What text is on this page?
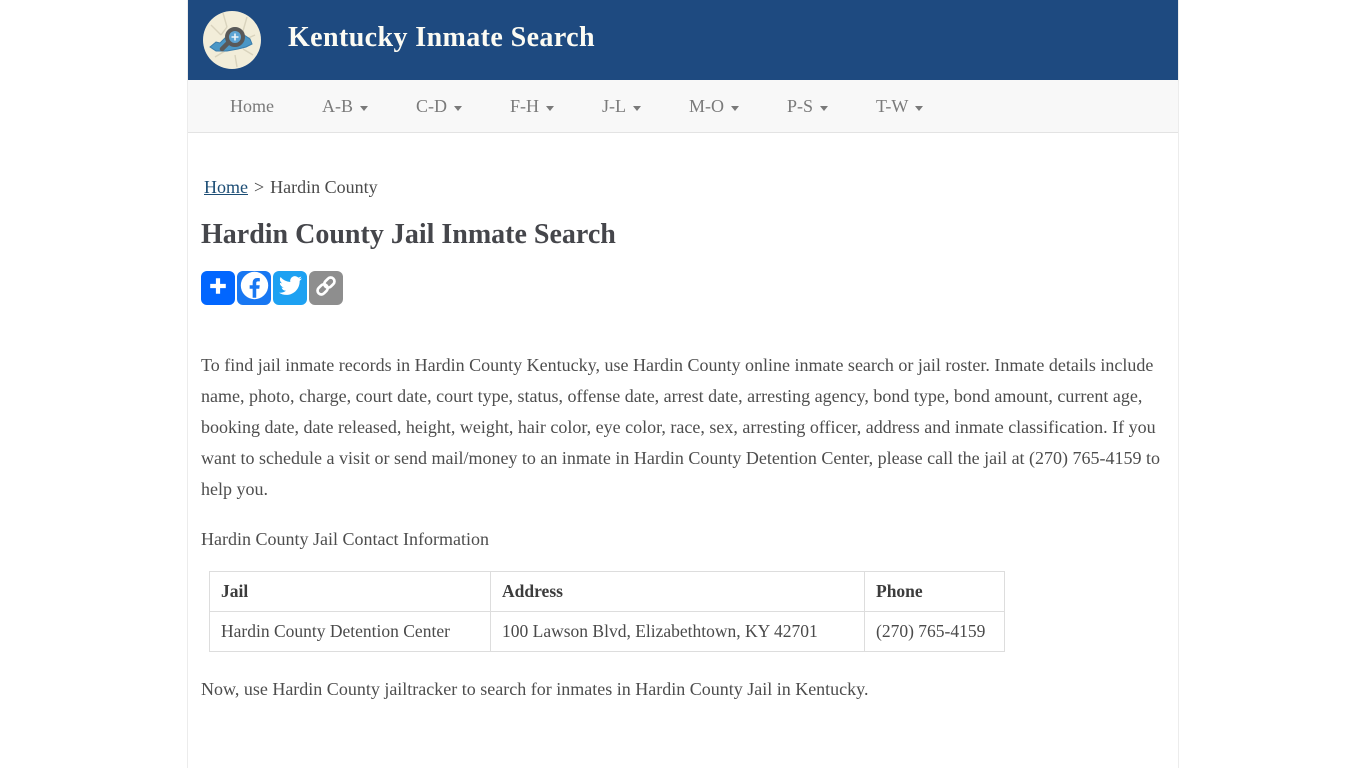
Kentucky Inmate Search
Home	A-B	C-D	F-H	J-L	M-O	P-S	T-W
Home > Hardin County
Hardin County Jail Inmate Search

To find jail inmate records in Hardin County Kentucky, use Hardin County online inmate search or jail roster. Inmate details include name, photo, charge, court date, court type, status, offense date, arrest date, arresting agency, bond type, bond amount, current age, booking date, date released, height, weight, hair color, eye color, race, sex, arresting officer, address and inmate classification. If you want to schedule a visit or send mail/money to an inmate in Hardin County Detention Center, please call the jail at (270) 765-4159 to help you.

Hardin County Jail Contact Information

Jail	Address	Phone
Hardin County Detention Center	100 Lawson Blvd, Elizabethtown, KY 42701	(270) 765-4159

Now, use Hardin County jailtracker to search for inmates in Hardin County Jail in Kentucky.
